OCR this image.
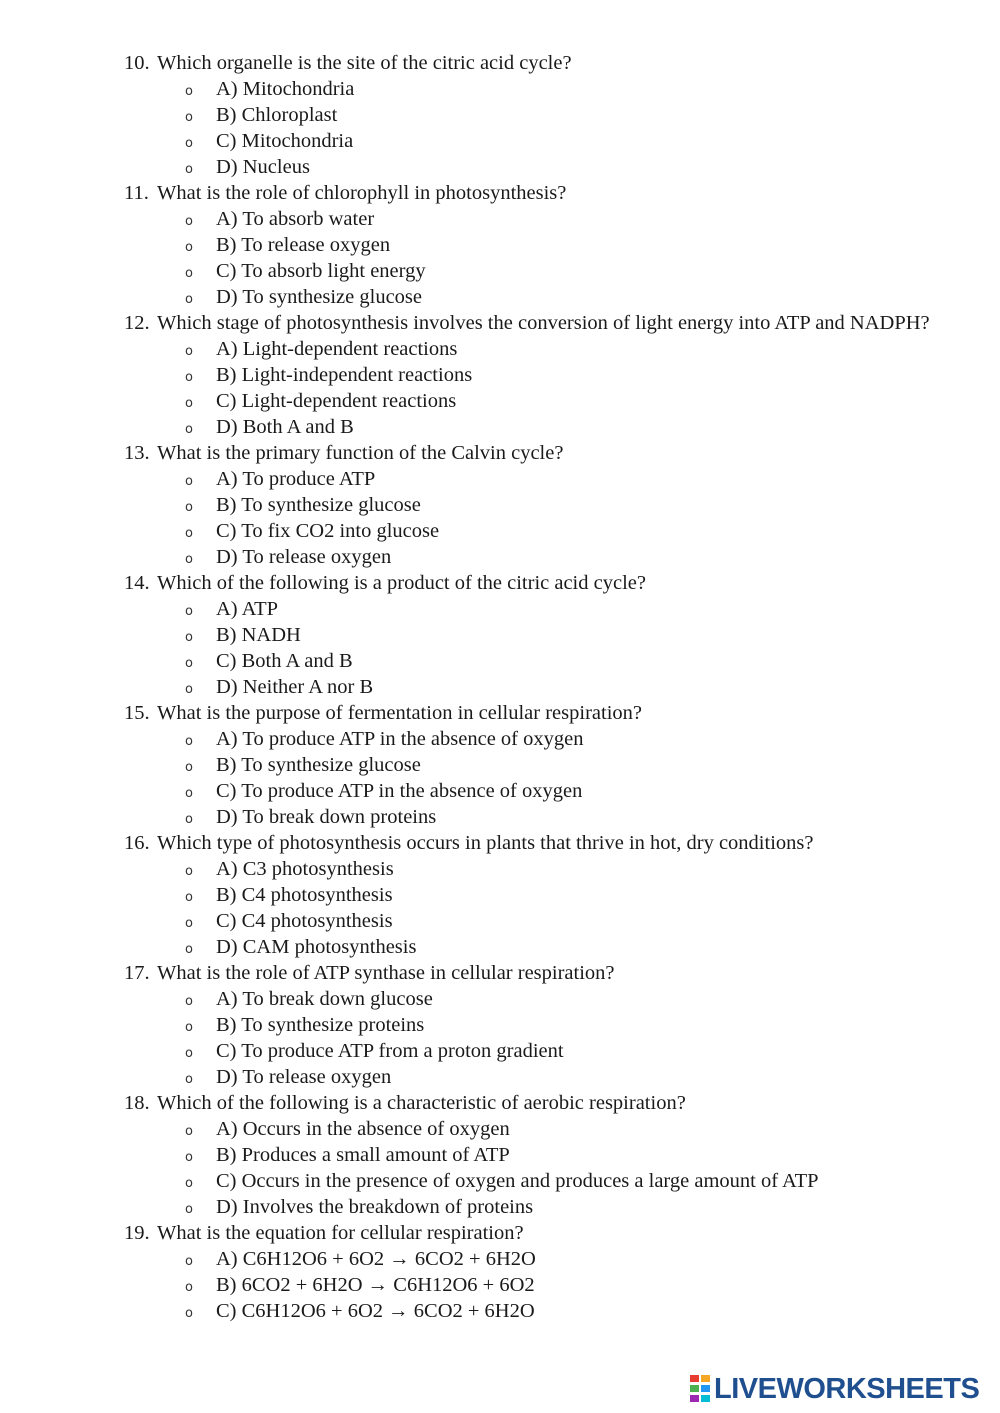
10. Which organelle is the site of the citric acid cycle?
o A) Mitochondria
o B) Chloroplast
o C) Mitochondria
o D) Nucleus
11. What is the role of chlorophyll in photosynthesis?
o A) To absorb water
o B) To release oxygen
o C) To absorb light energy
o D) To synthesize glucose
12. Which stage of photosynthesis involves the conversion of light energy into ATP and NADPH?
o A) Light-dependent reactions
o B) Light-independent reactions
o C) Light-dependent reactions
o D) Both A and B
13. What is the primary function of the Calvin cycle?
o A) To produce ATP
o B) To synthesize glucose
o C) To fix CO2 into glucose
o D) To release oxygen
14. Which of the following is a product of the citric acid cycle?
o A) ATP
o B) NADH
o C) Both A and B
o D) Neither A nor B
15. What is the purpose of fermentation in cellular respiration?
o A) To produce ATP in the absence of oxygen
o B) To synthesize glucose
o C) To produce ATP in the absence of oxygen
o D) To break down proteins
16. Which type of photosynthesis occurs in plants that thrive in hot, dry conditions?
o A) C3 photosynthesis
o B) C4 photosynthesis
o C) C4 photosynthesis
o D) CAM photosynthesis
17. What is the role of ATP synthase in cellular respiration?
o A) To break down glucose
o B) To synthesize proteins
o C) To produce ATP from a proton gradient
o D) To release oxygen
18. Which of the following is a characteristic of aerobic respiration?
o A) Occurs in the absence of oxygen
o B) Produces a small amount of ATP
o C) Occurs in the presence of oxygen and produces a large amount of ATP
o D) Involves the breakdown of proteins
19. What is the equation for cellular respiration?
o A) C6H12O6 + 6O2 → 6CO2 + 6H2O
o B) 6CO2 + 6H2O → C6H12O6 + 6O2
o C) C6H12O6 + 6O2 → 6CO2 + 6H2O
LIVEWORKSHEETS
